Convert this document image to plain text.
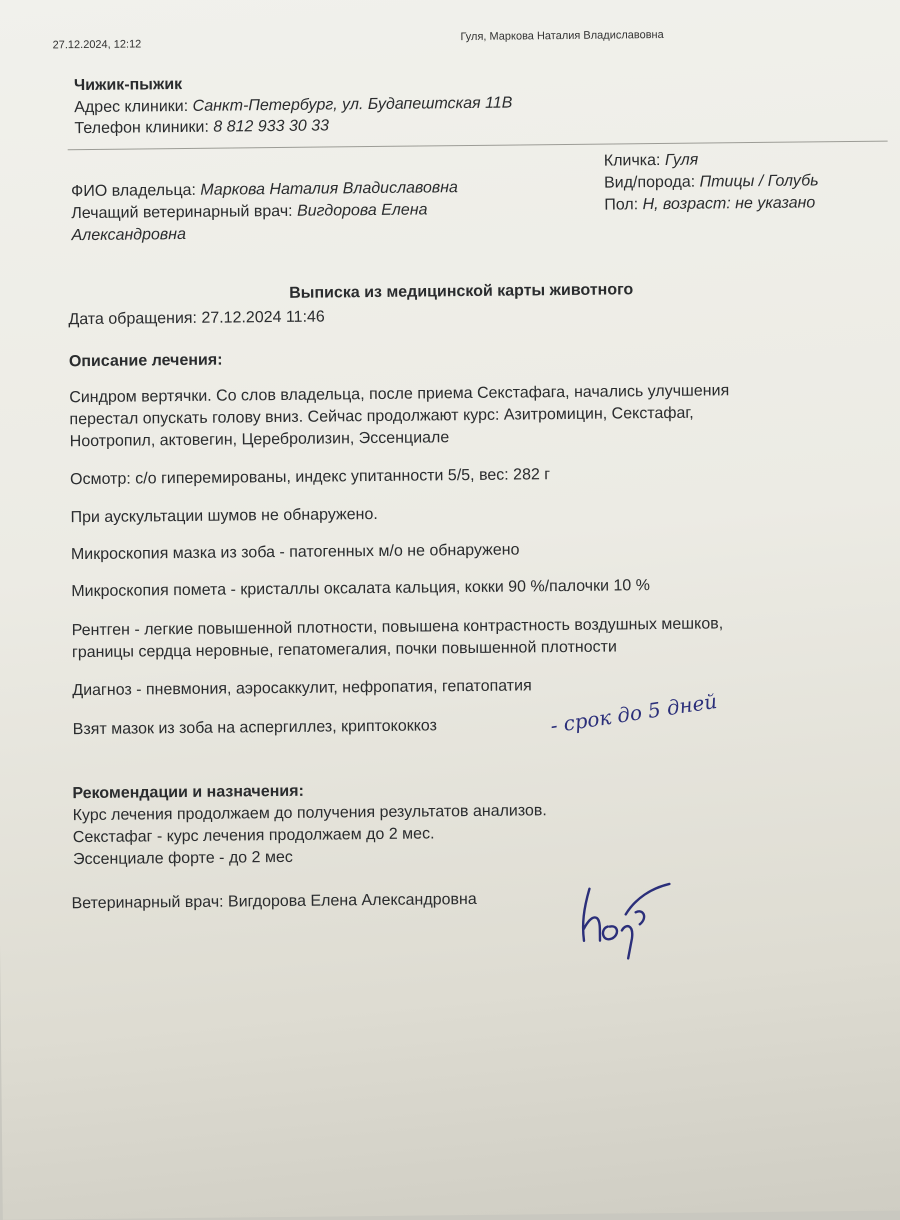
27.12.2024, 12:12
Гуля, Маркова Наталия Владиславовна
Чижик-пыжик
Адрес клиники: Санкт-Петербург, ул. Будапештская 11В
Телефон клиники: 8 812 933 30 33
ФИО владельца: Маркова Наталия Владиславовна
Лечащий ветеринарный врач: Вигдорова Елена
Александровна
Кличка: Гуля
Вид/порода: Птицы / Голубь
Пол: Н, возраст: не указано
Выписка из медицинской карты животного
Дата обращения: 27.12.2024 11:46
Описание лечения:
Синдром вертячки. Со слов владельца, после приема Секстафага, начались улучшения
перестал опускать голову вниз. Сейчас продолжают курс: Азитромицин, Секстафаг,
Ноотропил, актовегин, Церебролизин, Эссенциале
Осмотр: с/о гиперемированы, индекс упитанности 5/5, вес: 282 г
При аускультации шумов не обнаружено.
Микроскопия мазка из зоба - патогенных м/о не обнаружено
Микроскопия помета - кристаллы оксалата кальция, кокки 90 %/палочки 10 %
Рентген - легкие повышенной плотности, повышена контрастность воздушных мешков,
границы сердца неровные, гепатомегалия, почки повышенной плотности
Диагноз - пневмония, аэросаккулит, нефропатия, гепатопатия
Взят мазок из зоба на аспергиллез, криптококкоз	- срок до 5 дней
Рекомендации и назначения:
Курс лечения продолжаем до получения результатов анализов.
Секстафаг - курс лечения продолжаем до 2 мес.
Эссенциале форте - до 2 мес
Ветеринарный врач: Вигдорова Елена Александровна
